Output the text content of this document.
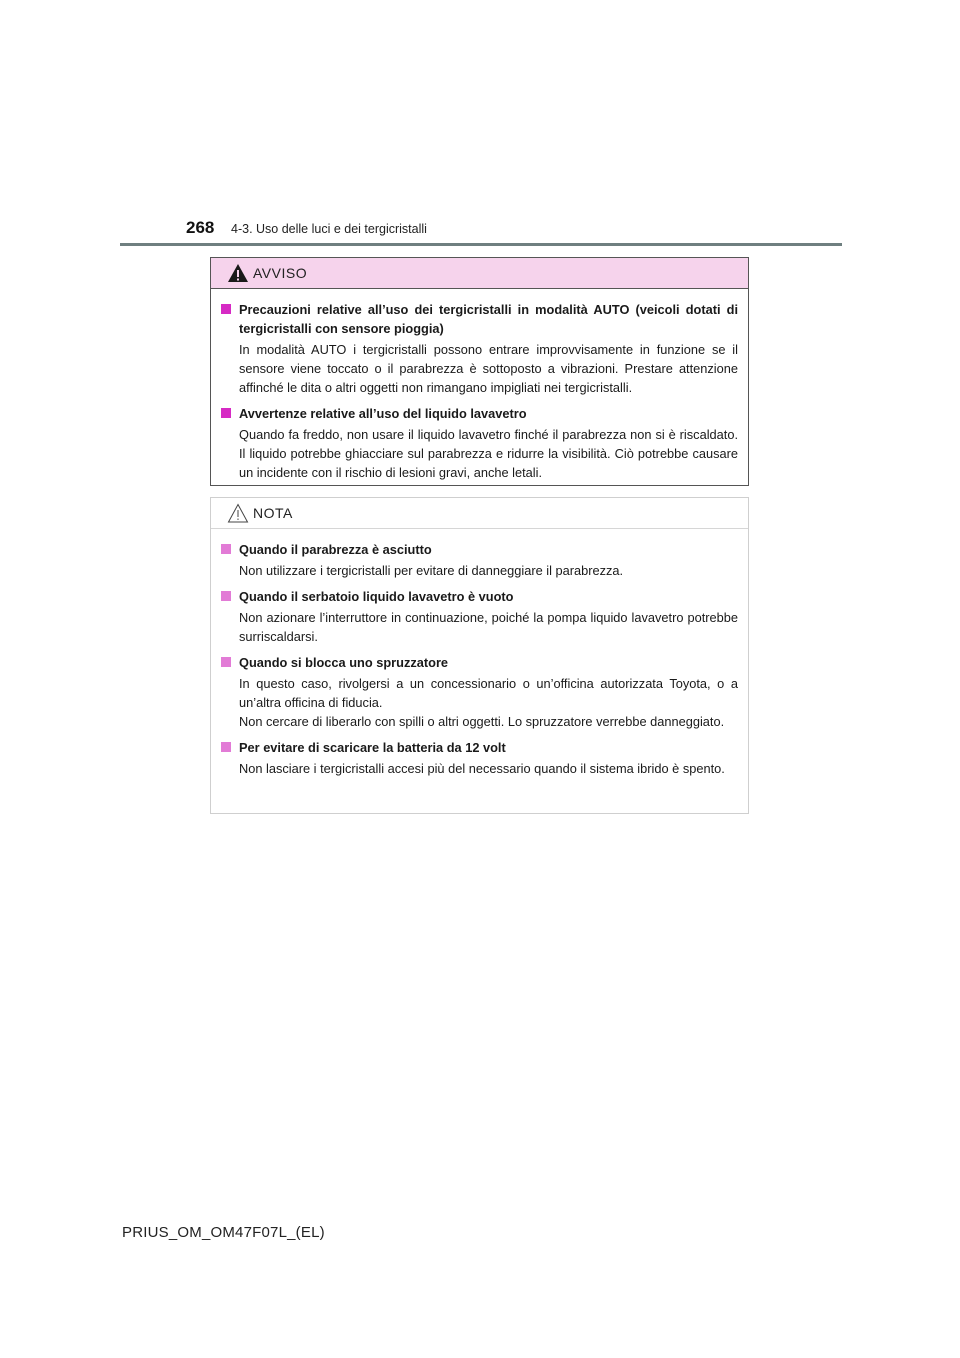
268 4-3. Uso delle luci e dei tergicristalli
AVVISO
Precauzioni relative all’uso dei tergicristalli in modalità AUTO (veicoli dotati di tergicristalli con sensore pioggia)
In modalità AUTO i tergicristalli possono entrare improvvisamente in funzione se il sensore viene toccato o il parabrezza è sottoposto a vibrazioni. Prestare attenzione affinché le dita o altri oggetti non rimangano impigliati nei tergicristalli.
Avvertenze relative all’uso del liquido lavavetro
Quando fa freddo, non usare il liquido lavavetro finché il parabrezza non si è riscaldato. Il liquido potrebbe ghiacciare sul parabrezza e ridurre la visibilità. Ciò potrebbe causare un incidente con il rischio di lesioni gravi, anche letali.
NOTA
Quando il parabrezza è asciutto
Non utilizzare i tergicristalli per evitare di danneggiare il parabrezza.
Quando il serbatoio liquido lavavetro è vuoto
Non azionare l’interruttore in continuazione, poiché la pompa liquido lavavetro potrebbe surriscaldarsi.
Quando si blocca uno spruzzatore
In questo caso, rivolgersi a un concessionario o un’officina autorizzata Toyota, o a un’altra officina di fiducia.
Non cercare di liberarlo con spilli o altri oggetti. Lo spruzzatore verrebbe danneggiato.
Per evitare di scaricare la batteria da 12 volt
Non lasciare i tergicristalli accesi più del necessario quando il sistema ibrido è spento.
PRIUS_OM_OM47F07L_(EL)
